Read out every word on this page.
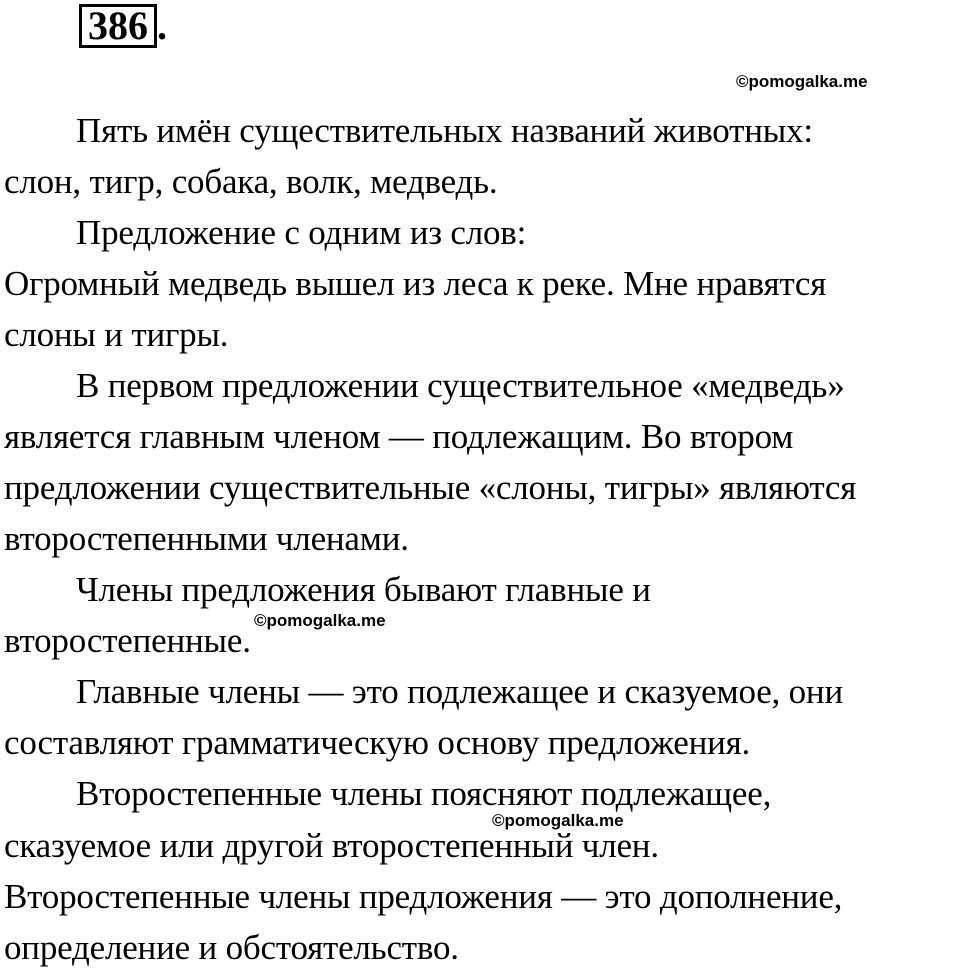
386 .
©pomogalka.me
Пять имён существительных названий животных:
слон, тигр, собака, волк, медведь.
Предложение с одним из слов:
Огромный медведь вышел из леса к реке. Мне нравятся
слоны и тигры.
В первом предложении существительное «медведь»
является главным членом — подлежащим. Во втором
предложении существительные «слоны, тигры» являются
второстепенными членами.
Члены предложения бывают главные и
второстепенные.
©pomogalka.me
Главные члены — это подлежащее и сказуемое, они
составляют грамматическую основу предложения.
Второстепенные члены поясняют подлежащее,
©pomogalka.me
сказуемое или другой второстепенный член.
Второстепенные члены предложения — это дополнение,
определение и обстоятельство.
